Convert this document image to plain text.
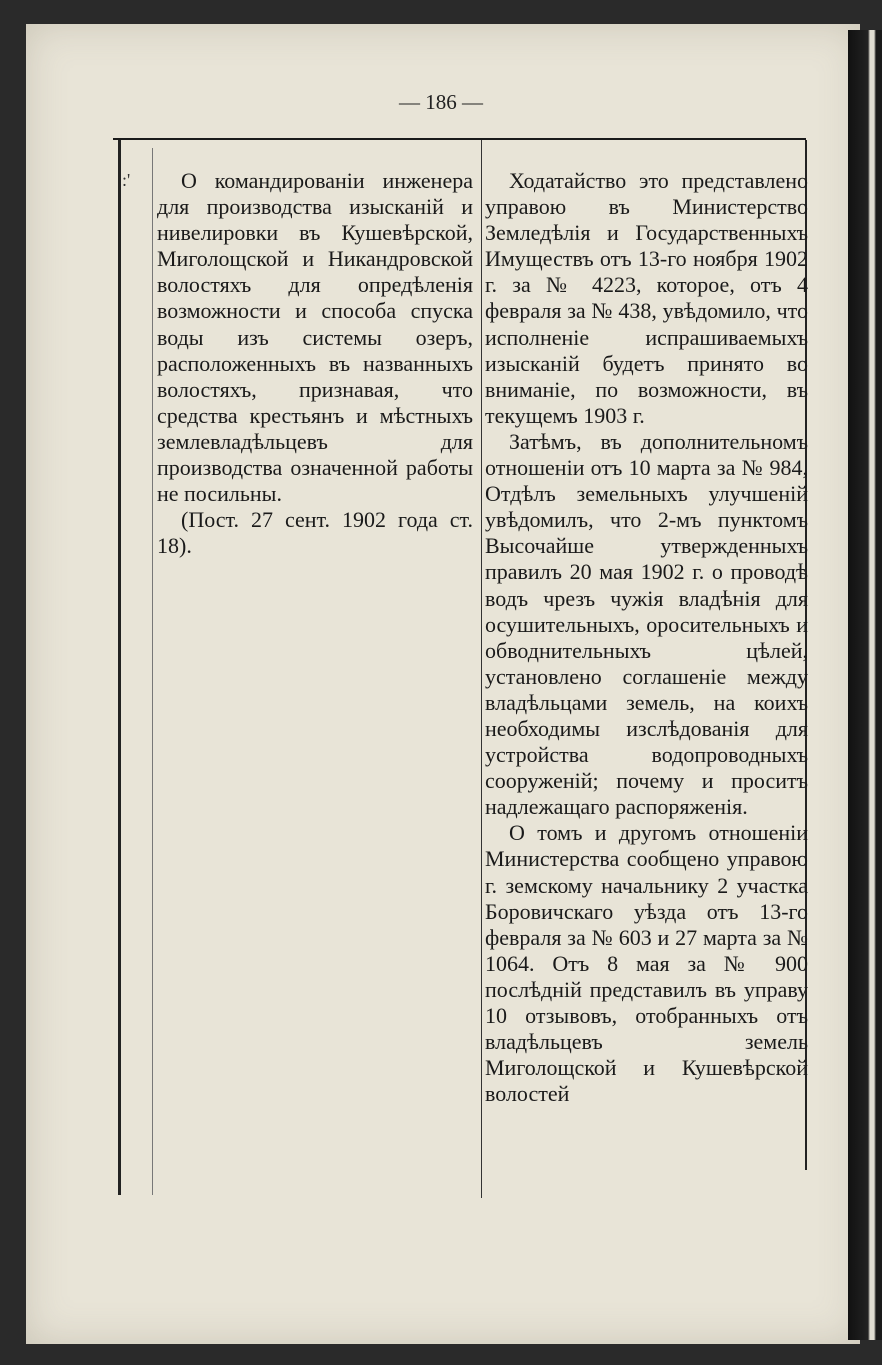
— 186 —
:'	О командированіи инженера для производства изысканій и нивелировки въ Кушевѣрской, Миголощской и Никандровской волостяхъ для опредѣленія возможности и способа спуска воды изъ системы озеръ, расположенныхъ въ названныхъ волостяхъ, признавая, что средства крестьянъ и мѣстныхъ землевладѣльцевъ для производства означенной работы не посильны.

(Пост. 27 сент. 1902 года ст. 18).

Ходатайство это представлено управою въ Министерство Земледѣлія и Государственныхъ Имуществъ отъ 13-го ноября 1902 г. за № 4223, которое, отъ 4 февраля за № 438, увѣдомило, что исполненіе испрашиваемыхъ изысканій будетъ принято во вниманіе, по возможности, въ текущемъ 1903 г.

Затѣмъ, въ дополнительномъ отношеніи отъ 10 марта за № 984, Отдѣлъ земельныхъ улучшеній увѣдомилъ, что 2-мъ пунктомъ Высочайше утвержденныхъ правилъ 20 мая 1902 г. о проводѣ водъ чрезъ чужія владѣнія для осушительныхъ, оросительныхъ и обводнительныхъ цѣлей, установлено соглашеніе между владѣльцами земель, на коихъ необходимы изслѣдованія для устройства водопроводныхъ сооруженій; почему и проситъ надлежащаго распоряженія.

О томъ и другомъ отношеніи Министерства сообщено управою г. земскому начальнику 2 участка Боровичскаго уѣзда отъ 13-го февраля за № 603 и 27 марта за № 1064. Отъ 8 мая за № 900 послѣдній представилъ въ управу 10 отзывовъ, отобранныхъ отъ владѣльцевъ земель Миголощской и Кушевѣрской волостей
